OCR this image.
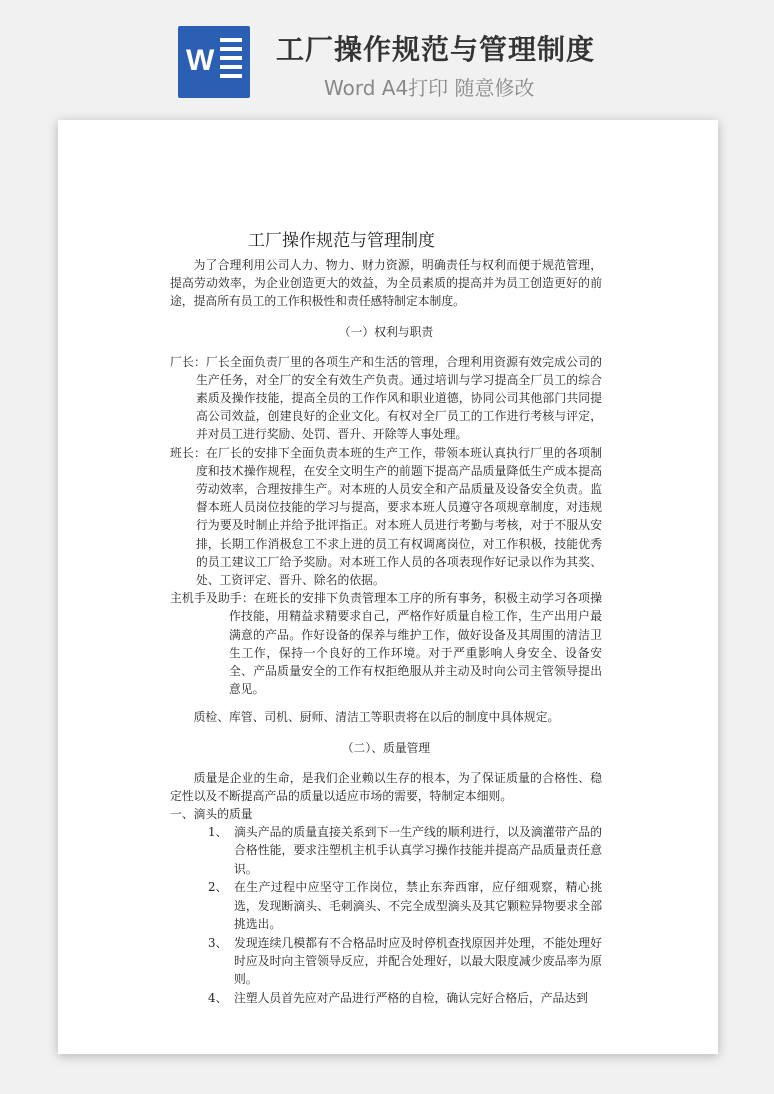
W 工厂操作规范与管理制度
Word A4打印 随意修改
工厂操作规范与管理制度

为了合理利用公司人力、物力、财力资源，明确责任与权利而便于规范管理，提高劳动效率，为企业创造更大的效益，为全员素质的提高并为员工创造更好的前途，提高所有员工的工作积极性和责任感特制定本制度。

（一）权利与职责

厂长：厂长全面负责厂里的各项生产和生活的管理，合理利用资源有效完成公司的生产任务，对全厂的安全有效生产负责。通过培训与学习提高全厂员工的综合素质及操作技能，提高全员的工作作风和职业道德，协同公司其他部门共同提高公司效益，创建良好的企业文化。有权对全厂员工的工作进行考核与评定，并对员工进行奖励、处罚、晋升、开除等人事处理。

班长：在厂长的安排下全面负责本班的生产工作，带领本班认真执行厂里的各项制度和技术操作规程，在安全文明生产的前题下提高产品质量降低生产成本提高劳动效率，合理按排生产。对本班的人员安全和产品质量及设备安全负责。监督本班人员岗位技能的学习与提高，要求本班人员遵守各项规章制度，对违规行为要及时制止并给予批评指正。对本班人员进行考勤与考核，对于不服从安排，长期工作消极怠工不求上进的员工有权调离岗位，对工作积极，技能优秀的员工建议工厂给予奖励。对本班工作人员的各项表现作好记录以作为其奖、处、工资评定、晋升、除名的依据。

主机手及助手：在班长的安排下负责管理本工序的所有事务，积极主动学习各项操作技能，用精益求精要求自己，严格作好质量自检工作，生产出用户最满意的产品。作好设备的保养与维护工作，做好设备及其周围的清洁卫生工作，保持一个良好的工作环境。对于严重影响人身安全、设备安全、产品质量安全的工作有权拒绝服从并主动及时向公司主管领导提出意见。

质检、库管、司机、厨师、清洁工等职责将在以后的制度中具体规定。

（二）、质量管理

质量是企业的生命，是我们企业赖以生存的根本，为了保证质量的合格性、稳定性以及不断提高产品的质量以适应市场的需要，特制定本细则。

一、滴头的质量

1、 滴头产品的质量直接关系到下一生产线的顺利进行，以及滴灌带产品的合格性能，要求注塑机主机手认真学习操作技能并提高产品质量责任意识。

2、 在生产过程中应坚守工作岗位，禁止东奔西窜，应仔细观察，精心挑选，发现断滴头、毛刺滴头、不完全成型滴头及其它颗粒异物要求全部挑选出。

3、 发现连续几模都有不合格品时应及时停机查找原因并处理，不能处理好时应及时向主管领导反应，并配合处理好，以最大限度减少废品率为原则。

4、 注塑人员首先应对产品进行严格的自检，确认完好合格后，产品达到
